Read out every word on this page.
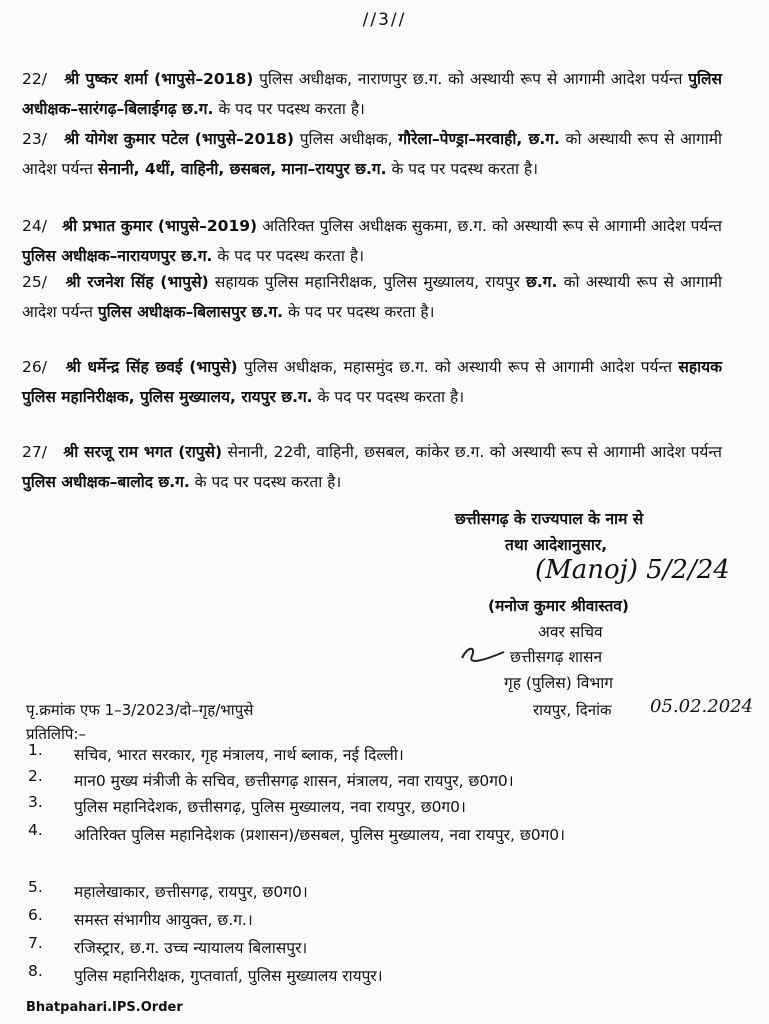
//3//
22/ श्री पुष्कर शर्मा (भापुसे–2018) पुलिस अधीक्षक, नाराणपुर छ.ग. को अस्थायी रूप से आगामी आदेश पर्यन्त पुलिस अधीक्षक–सारंगढ़–बिलाईगढ़ छ.ग. के पद पर पदस्थ करता है।
23/ श्री योगेश कुमार पटेल (भापुसे–2018) पुलिस अधीक्षक, गौरेला–पेण्ड्रा–मरवाही, छ.ग. को अस्थायी रूप से आगामी आदेश पर्यन्त सेनानी, 4थीं, वाहिनी, छसबल, माना–रायपुर छ.ग. के पद पर पदस्थ करता है।
24/ श्री प्रभात कुमार (भापुसे–2019) अतिरिक्त पुलिस अधीक्षक सुकमा, छ.ग. को अस्थायी रूप से आगामी आदेश पर्यन्त पुलिस अधीक्षक–नारायणपुर छ.ग. के पद पर पदस्थ करता है।
25/ श्री रजनेश सिंह (भापुसे) सहायक पुलिस महानिरीक्षक, पुलिस मुख्यालय, रायपुर छ.ग. को अस्थायी रूप से आगामी आदेश पर्यन्त पुलिस अधीक्षक–बिलासपुर छ.ग. के पद पर पदस्थ करता है।
26/ श्री धर्मेन्द्र सिंह छवई (भापुसे) पुलिस अधीक्षक, महासमुंद छ.ग. को अस्थायी रूप से आगामी आदेश पर्यन्त सहायक पुलिस महानिरीक्षक, पुलिस मुख्यालय, रायपुर छ.ग. के पद पर पदस्थ करता है।
27/ श्री सरजू राम भगत (रापुसे) सेनानी, 22वी, वाहिनी, छसबल, कांकेर छ.ग. को अस्थायी रूप से आगामी आदेश पर्यन्त पुलिस अधीक्षक–बालोद छ.ग. के पद पर पदस्थ करता है।
छत्तीसगढ़ के राज्यपाल के नाम से
तथा आदेशानुसार,
(Manoj) 5/2/24
(मनोज कुमार श्रीवास्तव)
अवर सचिव
छत्तीसगढ़ शासन
गृह (पुलिस) विभाग
पृ.क्रमांक एफ 1–3/2023/दो–गृह/भापुसे	रायपुर, दिनांक 05.02.2024
प्रतिलिपि:–
1. सचिव, भारत सरकार, गृह मंत्रालय, नार्थ ब्लाक, नई दिल्ली।
2. मान0 मुख्य मंत्रीजी के सचिव, छत्तीसगढ़ शासन, मंत्रालय, नवा रायपुर, छ0ग0।
3. पुलिस महानिदेशक, छत्तीसगढ़, पुलिस मुख्यालय, नवा रायपुर, छ0ग0।
4. अतिरिक्त पुलिस महानिदेशक (प्रशासन)/छसबल, पुलिस मुख्यालय, नवा रायपुर, छ0ग0।
5. महालेखाकार, छत्तीसगढ़, रायपुर, छ0ग0।
6. समस्त संभागीय आयुक्त, छ.ग.।
7. रजिस्ट्रार, छ.ग. उच्च न्यायालय बिलासपुर।
8. पुलिस महानिरीक्षक, गुप्तवार्ता, पुलिस मुख्यालय रायपुर।
Bhatpahari.IPS.Order
